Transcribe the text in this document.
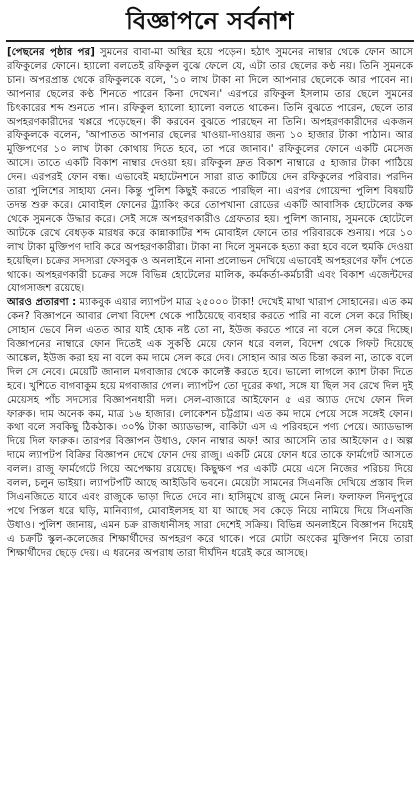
বিজ্ঞাপনে সর্বনাশ

[পেছনের পৃষ্ঠার পর] সুমনের বাবা-মা অস্থির হয়ে পড়েন। হঠাৎ সুমনের নাম্বার থেকে ফোন আসে রফিকুলের ফোনে। হ্যালো বলতেই রফিকুল বুঝে ফেলে যে, এটা তার ছেলের কণ্ঠ নয়। তিনি সুমনকে চান। অপরপ্রান্ত থেকে রফিকুলকে বলে, '১০ লাখ টাকা না দিলে আপনার ছেলেকে আর পাবেন না। আপনার ছেলের কণ্ঠ শিনতে পারেন কিনা দেখেন।' এরপরে রফিকুল ইসলাম তার ছেলে সুমনের চিৎকারের শব্দ শুনতে পান। রফিকুল হ্যালো হ্যালো বলতে থাকেন। তিনি বুঝতে পারেন, ছেলে তার অপহরণকারীদের খপ্পরে পড়েছেন। কী করবেন বুঝতে পারছেন না তিনি। অপহরণকারীদের একজন রফিকুলকে বলেন, 'আপাতত আপনার ছেলের খাওয়া-দাওয়ার জন্য ১০ হাজার টাকা পাঠান। আর মুক্তিপণের ১০ লাখ টাকা কোথায় দিতে হবে, তা পরে জানাব।' রফিকুলের ফোনে একটি মেসেজ আসে। তাতে একটি বিকাশ নাম্বার দেওয়া হয়। রফিকুল দ্রুত বিকাশ নাম্বারে ৫ হাজার টাকা পাঠিয়ে দেন। এরপরই ফোন বন্ধ। এভাবেই মহাটেনশনে সারা রাত কাটিয়ে দেন রফিকুলের পরিবার। পরদিন তারা পুলিশের সাহায্য নেন। কিন্তু পুলিশ কিছুই করতে পারছিল না। এরপর গোয়েন্দা পুলিশ বিষয়টি তদন্ত শুরু করে। মোবাইল ফোনের ট্র্যাকিং করে তোপখানা রোডের একটি আবাসিক হোটেলের কক্ষ থেকে সুমনকে উদ্ধার করে। সেই সঙ্গে অপহরণকারীও গ্রেফতার হয়। পুলিশ জানায়, সুমনকে হোটেলে আটকে রেখে বেধড়ক মারধর করে কান্নাকাটির শব্দ মোবাইল ফোনে তার পরিবারকে শুনায়। পরে ১০ লাখ টাকা মুক্তিপণ দাবি করে অপহরণকারীরা। টাকা না দিলে সুমনকে হত্যা করা হবে বলে হুমকি দেওয়া হয়েছিল। চক্রের সদস্যরা ফেসবুক ও অনলাইনে নানা প্রলোভন দেখিয়ে এভাবেই অপহরণের ফাঁদ পেতে থাকে। অপহরণকারী চক্রের সঙ্গে বিভিন্ন হোটেলের মালিক, কর্মকর্তা-কর্মচারী এবং বিকাশ এজেন্টদের যোগসাজশ রয়েছে।

আরও প্রতারণা : ম্যাকবুক এয়ার ল্যাপটপ মাত্র ২৫০০০ টাকা! দেখেই মাথা খারাপ সোহানের। এত কম কেন? বিজ্ঞাপনে আবার লেখা বিদেশ থেকে পাঠিয়েছে ব্যবহার করতে পারি না বলে সেল করে দিচ্ছি। সোহান ভেবে নিল এতত আর যাই হোক নষ্ট তো না, ইউজ করতে পারে না বলে সেল করে দিচ্ছে। বিজ্ঞাপনের নাম্বারে ফোন দিতেই এক সুকণ্ঠি মেয়ে ফোন ধরে বলল, বিদেশ থেকে গিফট দিয়েছে আঙ্কেল, ইউজ করা হয় না বলে কম দামে সেল করে দেব। সোহান আর অত চিন্তা করল না, তাকে বলে দিল সে নেবে। মেয়েটি জানাল মগবাজার থেকে কালেক্ট করতে হবে। ভালো লাগলে ক্যাশ টাকা দিতে হবে। খুশিতে বাগবাকুম হয়ে মগবাজার গেল। ল্যাপটপ তো দূরের কথা, সঙ্গে যা ছিল সব রেখে দিল দুই মেয়েসহ পাঁচ সদস্যের বিজ্ঞাপনধারী দল। সেল-বাজারে আইফোন ৫ এর অ্যাড দেখে ফোন দিল ফারুক। দাম অনেক কম, মাত্র ১৬ হাজার। লোকেশন চট্টগ্রাম। এত কম দামে পেয়ে সঙ্গে সঙ্গেই ফোন। কথা বলে সবকিছু ঠিকঠাক। ৩০% টাকা অ্যাডভান্স, বাকিটা এস এ পরিবহনে পণ্য পেয়ে। অ্যাডভান্স দিয়ে দিল ফারুক। তারপর বিজ্ঞাপন উধাও, ফোন নাম্বার অফ! আর আসেনি তার আইফোন ৫। অল্প দামে ল্যাপটপ বিক্রির বিজ্ঞাপন দেখে ফোন দেয় রাজু। একটি মেয়ে ফোন ধরে তাকে ফার্মগেট আসতে বলল। রাজু ফার্মগেটে গিয়ে অপেক্ষায় রয়েছে। কিছুক্ষণ পর একটি মেয়ে এসে নিজের পরিচয় দিয়ে বলল, চলুন ভাইয়া। ল্যাপটপটি আছে আইডিবি ভবনে। মেয়েটা সামনের সিএনজি দেখিয়ে প্রস্তাব দিল সিএনজিতে যাবে এবং রাজুকে ভাড়া দিতে দেবে না। হাসিমুখে রাজু মেনে নিল। ফলাফল দিনদুপুরে পথে পিস্তল ধরে ঘড়ি, মানিব্যাগ, মোবাইলসহ যা যা আছে সব কেড়ে নিয়ে নামিয়ে দিয়ে সিএনজি উধাও। পুলিশ জানায়, এমন চক্র রাজধানীসহ সারা দেশেই সক্রিয়। বিভিন্ন অনলাইনে বিজ্ঞাপন দিয়েই এ চক্রটি স্কুল-কলেজের শিক্ষার্থীদের অপহরণ করে থাকে। পরে মোটা অংকের মুক্তিপণ নিয়ে তারা শিক্ষার্থীদের ছেড়ে দেয়। এ ধরনের অপরাধ তারা দীর্ঘদিন ধরেই করে আসছে।
